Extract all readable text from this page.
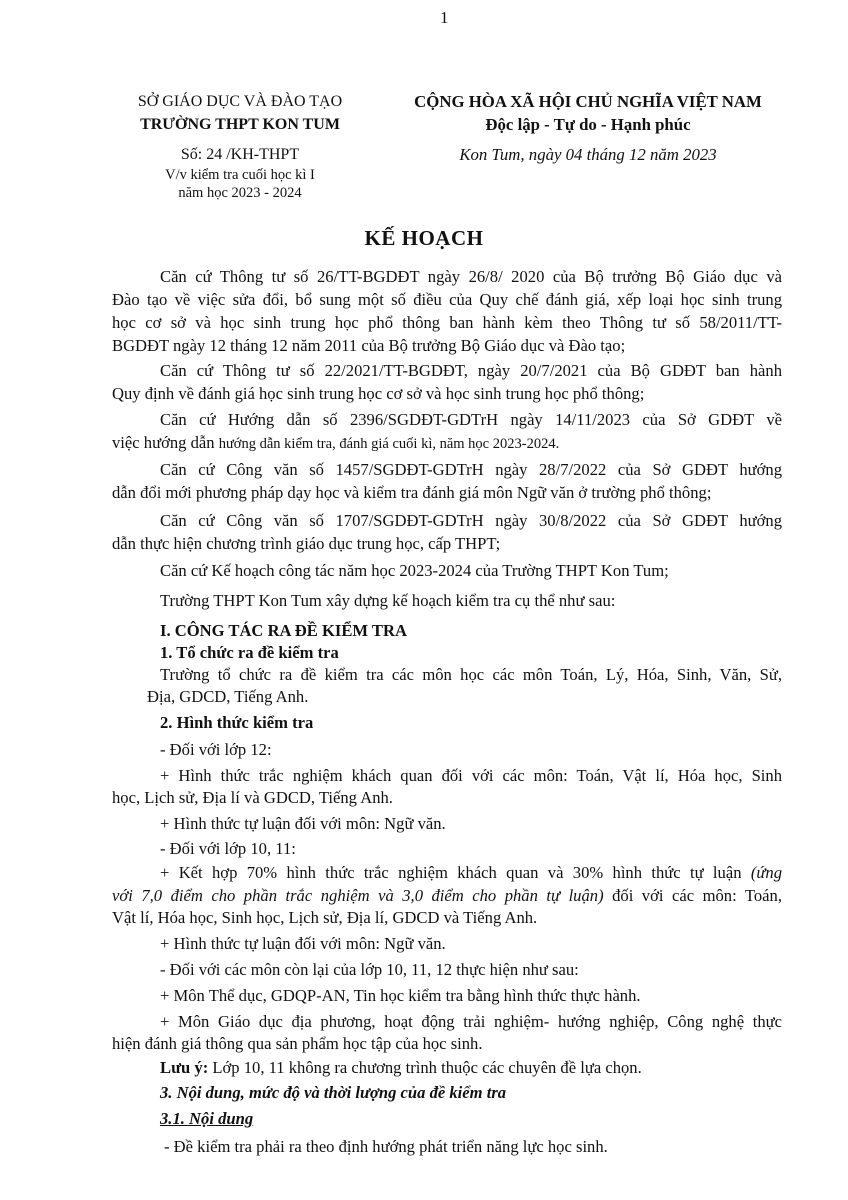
1
SỞ GIÁO DỤC VÀ ĐÀO TẠO
TRƯỜNG THPT KON TUM
Số: 24 /KH-THPT
V/v kiểm tra cuối học kì I
năm học 2023 - 2024
CỘNG HÒA XÃ HỘI CHỦ NGHĨA VIỆT NAM
Độc lập - Tự do - Hạnh phúc
Kon Tum, ngày 04 tháng 12 năm 2023
KẾ HOẠCH
Căn cứ Thông tư số 26/TT-BGDĐT ngày 26/8/ 2020 của Bộ trưởng Bộ Giáo dục và
Đào tạo về việc sửa đổi, bổ sung một số điều của Quy chế đánh giá, xếp loại học sinh trung
học cơ sở và học sinh trung học phổ thông ban hành kèm theo Thông tư số 58/2011/TT-
BGDĐT ngày 12 tháng 12 năm 2011 của Bộ trưởng Bộ Giáo dục và Đào tạo;
Căn cứ Thông tư số 22/2021/TT-BGDĐT, ngày 20/7/2021 của Bộ GDĐT ban hành
Quy định về đánh giá học sinh trung học cơ sở và học sinh trung học phổ thông;
Căn cứ Hướng dẫn số 2396/SGDĐT-GDTrH ngày 14/11/2023 của Sở GDĐT về
việc hướng dẫn hướng dẫn kiểm tra, đánh giá cuối kì, năm học 2023-2024.
Căn cứ Công văn số 1457/SGDĐT-GDTrH ngày 28/7/2022 của Sở GDĐT hướng
dẫn đổi mới phương pháp dạy học và kiểm tra đánh giá môn Ngữ văn ở trường phổ thông;
Căn cứ Công văn số 1707/SGDĐT-GDTrH ngày 30/8/2022 của Sở GDĐT hướng
dẫn thực hiện chương trình giáo dục trung học, cấp THPT;
Căn cứ Kế hoạch công tác năm học 2023-2024 của Trường THPT Kon Tum;
Trường THPT Kon Tum xây dựng kế hoạch kiểm tra cụ thể như sau:
I. CÔNG TÁC RA ĐỀ KIỂM TRA
1. Tổ chức ra đề kiểm tra
Trường tổ chức ra đề kiểm tra các môn học các môn Toán, Lý, Hóa, Sinh, Văn, Sử,
Địa, GDCD, Tiếng Anh.
2. Hình thức kiểm tra
- Đối với lớp 12:
+ Hình thức trắc nghiệm khách quan đối với các môn: Toán, Vật lí, Hóa học, Sinh
học, Lịch sử, Địa lí và GDCD, Tiếng Anh.
+ Hình thức tự luận đối với môn: Ngữ văn.
- Đối với lớp 10, 11:
+ Kết hợp 70% hình thức trắc nghiệm khách quan và 30% hình thức tự luận (ứng
với 7,0 điểm cho phần trắc nghiệm và 3,0 điểm cho phần tự luận) đối với các môn: Toán,
Vật lí, Hóa học, Sinh học, Lịch sử, Địa lí, GDCD và Tiếng Anh.
+ Hình thức tự luận đối với môn: Ngữ văn.
- Đối với các môn còn lại của lớp 10, 11, 12 thực hiện như sau:
+ Môn Thể dục, GDQP-AN, Tin học kiểm tra bằng hình thức thực hành.
+ Môn Giáo dục địa phương, hoạt động trải nghiệm- hướng nghiệp, Công nghệ thực
hiện đánh giá thông qua sản phẩm học tập của học sinh.
Lưu ý: Lớp 10, 11 không ra chương trình thuộc các chuyên đề lựa chọn.
3. Nội dung, mức độ và thời lượng của đề kiểm tra
3.1. Nội dung
- Đề kiểm tra phải ra theo định hướng phát triển năng lực học sinh.
